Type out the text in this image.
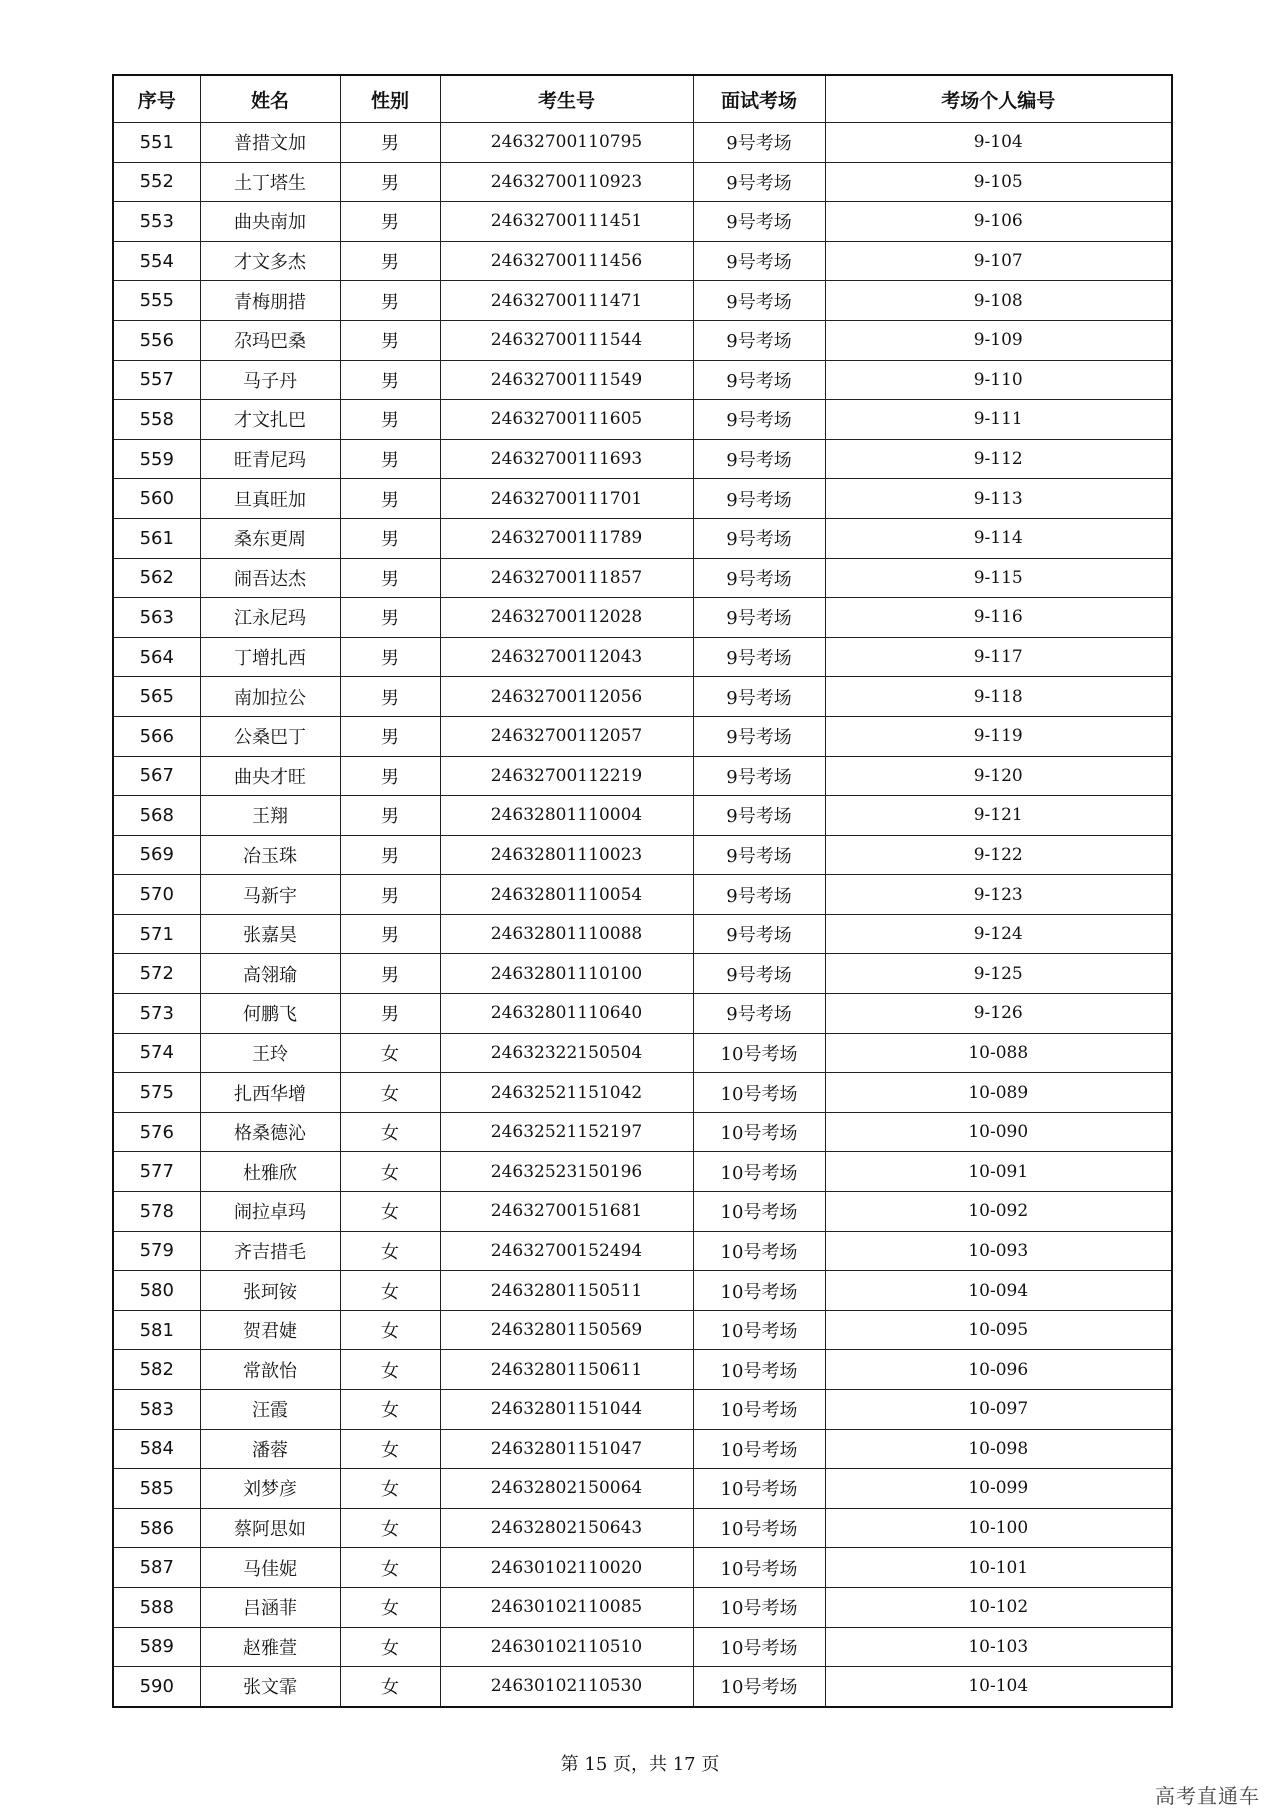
序号	姓名	性别	考生号	面试考场	考场个人编号
551	普措文加	男	24632700110795	9号考场	9-104
552	土丁塔生	男	24632700110923	9号考场	9-105
553	曲央南加	男	24632700111451	9号考场	9-106
554	才文多杰	男	24632700111456	9号考场	9-107
555	青梅朋措	男	24632700111471	9号考场	9-108
556	尕玛巴桑	男	24632700111544	9号考场	9-109
557	马子丹	男	24632700111549	9号考场	9-110
558	才文扎巴	男	24632700111605	9号考场	9-111
559	旺青尼玛	男	24632700111693	9号考场	9-112
560	旦真旺加	男	24632700111701	9号考场	9-113
561	桑东更周	男	24632700111789	9号考场	9-114
562	闹吾达杰	男	24632700111857	9号考场	9-115
563	江永尼玛	男	24632700112028	9号考场	9-116
564	丁增扎西	男	24632700112043	9号考场	9-117
565	南加拉公	男	24632700112056	9号考场	9-118
566	公桑巴丁	男	24632700112057	9号考场	9-119
567	曲央才旺	男	24632700112219	9号考场	9-120
568	王翔	男	24632801110004	9号考场	9-121
569	冶玉珠	男	24632801110023	9号考场	9-122
570	马新宇	男	24632801110054	9号考场	9-123
571	张嘉昊	男	24632801110088	9号考场	9-124
572	高翎瑜	男	24632801110100	9号考场	9-125
573	何鹏飞	男	24632801110640	9号考场	9-126
574	王玲	女	24632322150504	10号考场	10-088
575	扎西华增	女	24632521151042	10号考场	10-089
576	格桑德沁	女	24632521152197	10号考场	10-090
577	杜雅欣	女	24632523150196	10号考场	10-091
578	闹拉卓玛	女	24632700151681	10号考场	10-092
579	齐吉措毛	女	24632700152494	10号考场	10-093
580	张珂铵	女	24632801150511	10号考场	10-094
581	贺君婕	女	24632801150569	10号考场	10-095
582	常歆怡	女	24632801150611	10号考场	10-096
583	汪霞	女	24632801151044	10号考场	10-097
584	潘蓉	女	24632801151047	10号考场	10-098
585	刘梦彦	女	24632802150064	10号考场	10-099
586	蔡阿思如	女	24632802150643	10号考场	10-100
587	马佳妮	女	24630102110020	10号考场	10-101
588	吕涵菲	女	24630102110085	10号考场	10-102
589	赵雅萱	女	24630102110510	10号考场	10-103
590	张文霏	女	24630102110530	10号考场	10-104
第 15 页，共 17 页
高考直通车
